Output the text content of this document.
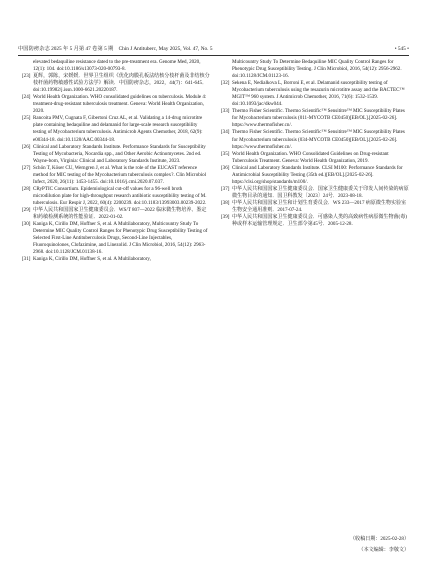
中国防痨杂志 2025 年 5 月第 47 卷第 5 期　Chin J Antituberc, May 2025, Vol. 47, No. 5	• 545 •

elevated bedaquiline resistance dated to the pre-treatment era. Genome Med, 2020, 12(1): 104. doi:10.1186/s13073-020-00793-8.

[23] 夏辉，郭陈，宋媛媛．世界卫生组织《优化肉膜孔板法结核分枝杆菌及非结核分枝杆菌药物敏感性试验方法学》解读．中国防痨杂志，2022，44(7)：641-645．doi:10.19982/j.issn.1000-6621.20220187.

[24] World Health Organization. WHO consolidated guidelines on tuberculosis. Module 4: treatment-drug-resistant tuberculosis treatment. Geneva: World Health Organization, 2020.

[25] Rancoita PMV, Cugnata F, Gibertoni Cruz AL, et al. Validating a 14-drug microtitre plate containing bedaquiline and delamanid for large-scale research susceptibility testing of Mycobacterium tuberculosis. Antimicrob Agents Chemother, 2018, 62(9): e00344-18. doi:10.1128/AAC.00344-18.

[26] Clinical and Laboratory Standards Institute. Performance Standards for Susceptibility Testing of Mycobacteria, Nocardia spp., and Other Aerobic Actinomycetes. 2nd ed. Wayne-born, Virginia: Clinical and Laboratory Standards Institute, 2023.

[27] Schön T, Köser CU, Werngren J, et al. What is the role of the EUCAST reference method for MIC testing of the Mycobacterium tuberculosis complex?. Clin Microbiol Infect, 2020, 26(11): 1453-1455. doi:10.1016/j.cmi.2020.07.037.

[28] CRyPTIC Consortium. Epidemiological cut-off values for a 96-well broth microdilution plate for high-throughput research antibiotic susceptibility testing of M. tuberculosis. Eur Respir J, 2022, 60(4): 2200239. doi:10.1183/13993003.00239-2022.

[29] 中华人民共和国国家卫生健康委员会．WS/T 807—2022 临床微生物培养、鉴定和药敏检测系统的性能验证．2022-01-02.

[30] Kaniga K, Cirillo DM, Hoffner S, et al. A Multilaboratory, Multicountry Study To Determine MIC Quality Control Ranges for Phenotypic Drug Susceptibility Testing of Selected First-Line Antituberculosis Drugs, Second-Line Injectables, Fluoroquinolones, Clofazimine, and Linezolid. J Clin Microbiol, 2016, 54(12): 2963-2968. doi:10.1128/JCM.01138-16.

[31] Kaniga K, Cirillo DM, Hoffner S, et al. A Multilaboratory,

Multicountry Study To Determine Bedaquiline MIC Quality Control Ranges for Phenotypic Drug Susceptibility Testing. J Clin Microbiol, 2016, 54(12): 2956-2962. doi:10.1128/JCM.01123-16.

[32] Sekena E, Nedialkova L, Borroni E, et al. Delamanid susceptibility testing of Mycobacterium tuberculosis using the resazurin microtitre assay and the BACTEC™ MGIT™ 960 system. J Antimicrob Chemother, 2016, 71(6): 1532-1539. doi:10.1093/jac/dkw044.

[33] Thermo Fisher Scientific. Thermo Scientific™ Sensititre™ MIC Susceptibility Plates for Mycobacterium tuberculosis (011-MYCOTB CE0450)[EB/OL].[2025-02-26]. https://www.thermofisher.cn/.

[34] Thermo Fisher Scientific. Thermo Scientific™ Sensititre™ MIC Susceptibility Plates for Mycobacterium tuberculosis (034-MYCOTB CE0450)[EB/OL].[2025-02-26]. https://www.thermofisher.cn/.

[35] World Health Organization. WHO Consolidated Guidelines on Drug-resistant Tuberculosis Treatment. Geneva: World Health Organization, 2019.

[36] Clinical and Laboratory Standards Institute. CLSI M100: Performance Standards for Antimicrobial Susceptibility Testing (35th ed.)[EB/OL].[2025-02-26]. https://clsi.org/shop/standards/m100/.

[37] 中华人民共和国国家卫生健康委员会．国家卫生健康委关于印发人间传染的病原微生物目录的通知．国卫科教发〔2023〕24号．2023-08-18.

[38] 中华人民共和国国家卫生和计划生育委员会．WS 233—2017 病原微生物实验室生物安全通用准则．2017-07-24.

[39] 中华人民共和国国家卫生健康委员会．可感染人类的高致病性病原微生物菌(毒)种或样本运输管理规定．卫生部令第45号．2005-12-28.

（收稿日期：2025-02-28）
（本文编辑：李敬文）
